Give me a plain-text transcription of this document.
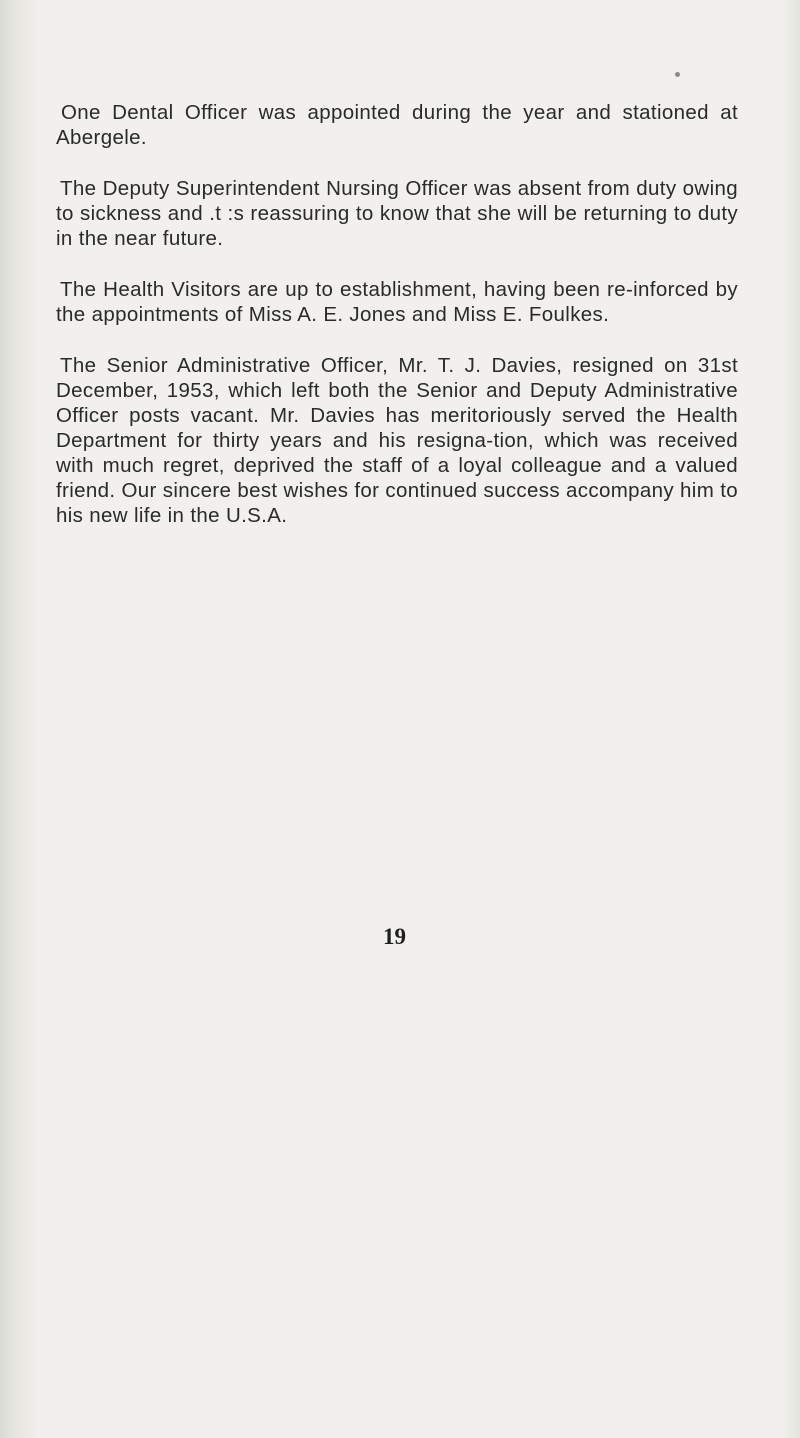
One Dental Officer was appointed during the year and stationed at Abergele.

The Deputy Superintendent Nursing Officer was absent from duty owing to sickness and .t :s reassuring to know that she will be returning to duty in the near future.

The Health Visitors are up to establishment, having been re-inforced by the appointments of Miss A. E. Jones and Miss E. Foulkes.

The Senior Administrative Officer, Mr. T. J. Davies, resigned on 31st December, 1953, which left both the Senior and Deputy Administrative Officer posts vacant. Mr. Davies has meritoriously served the Health Department for thirty years and his resigna-tion, which was received with much regret, deprived the staff of a loyal colleague and a valued friend. Our sincere best wishes for continued success accompany him to his new life in the U.S.A.

19
